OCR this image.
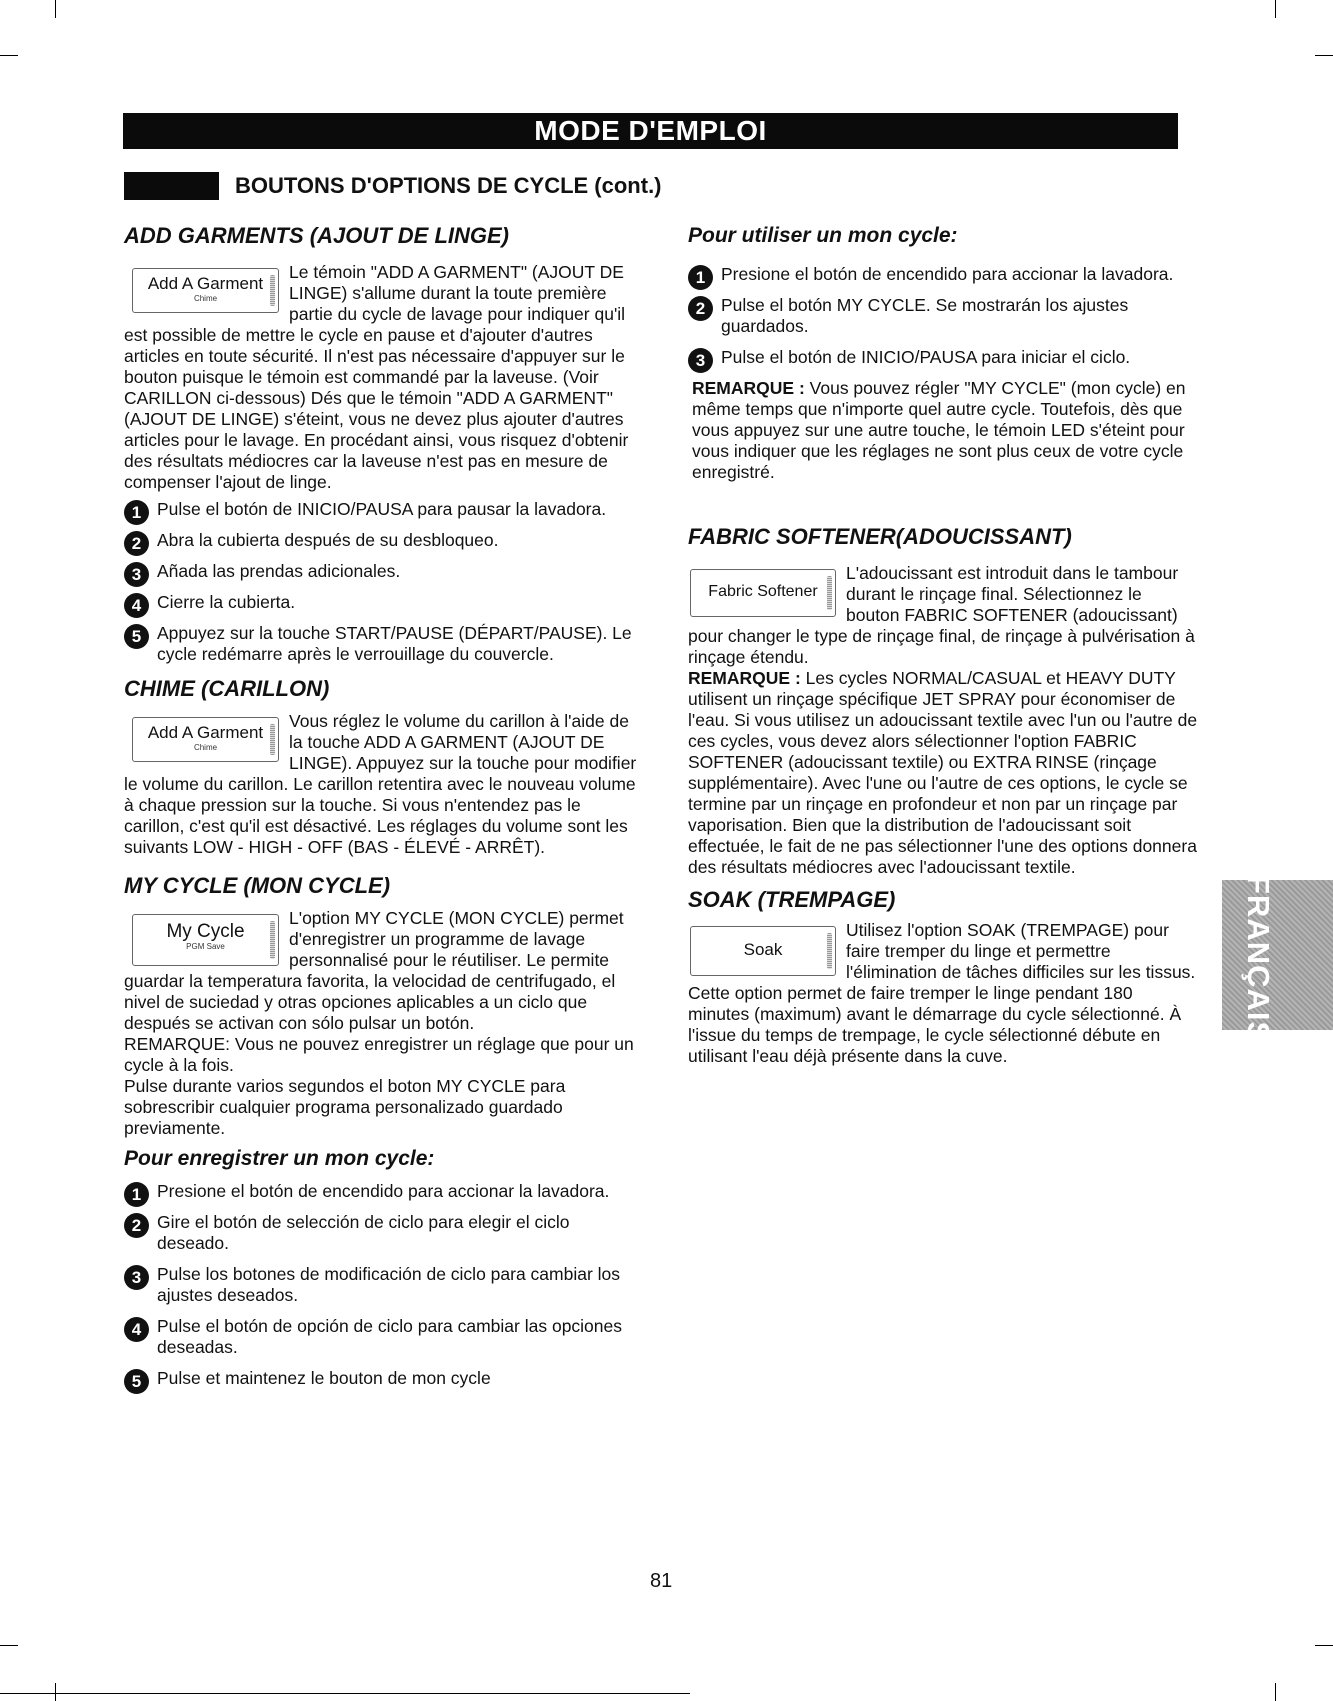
MODE D'EMPLOI
BOUTONS D'OPTIONS DE CYCLE (cont.)
ADD GARMENTS (AJOUT DE LINGE)
Add A Garment
Chime

Le témoin "ADD A GARMENT" (AJOUT DE LINGE) s'allume durant la toute première partie du cycle de lavage pour indiquer qu'il est possible de mettre le cycle en pause et d'ajouter d'autres articles en toute sécurité. Il n'est pas nécessaire d'appuyer sur le bouton puisque le témoin est commandé par la laveuse. (Voir CARILLON ci-dessous) Dés que le témoin "ADD A GARMENT" (AJOUT DE LINGE) s'éteint, vous ne devez plus ajouter d'autres articles pour le lavage. En procédant ainsi, vous risquez d'obtenir des résultats médiocres car la laveuse n'est pas en mesure de compenser l'ajout de linge.

1 Pulse el botón de INICIO/PAUSA para pausar la lavadora.
2 Abra la cubierta después de su desbloqueo.
3 Añada las prendas adicionales.
4 Cierre la cubierta.
5 Appuyez sur la touche START/PAUSE (DÉPART/PAUSE). Le cycle redémarre après le verrouillage du couvercle.
CHIME (CARILLON)
Add A Garment
Chime

Vous réglez le volume du carillon à l'aide de la touche ADD A GARMENT (AJOUT DE LINGE). Appuyez sur la touche pour modifier le volume du carillon. Le carillon retentira avec le nouveau volume à chaque pression sur la touche. Si vous n'entendez pas le carillon, c'est qu'il est désactivé. Les réglages du volume sont les suivants LOW - HIGH - OFF (BAS - ÉLEVÉ - ARRÊT).

MY CYCLE (MON CYCLE)
My Cycle
PGM Save

L'option MY CYCLE (MON CYCLE) permet d'enregistrer un programme de lavage personnalisé pour le réutiliser. Le permite guardar la temperatura favorita, la velocidad de centrifugado, el nivel de suciedad y otras opciones aplicables a un ciclo que después se activan con sólo pulsar un botón.

REMARQUE: Vous ne pouvez enregistrer un réglage que pour un cycle à la fois.

Pulse durante varios segundos el boton MY CYCLE para sobrescribir cualquier programa personalizado guardado previamente.

Pour enregistrer un mon cycle:
1 Presione el botón de encendido para accionar la lavadora.
2 Gire el botón de selección de ciclo para elegir el ciclo deseado.
3 Pulse los botones de modificación de ciclo para cambiar los ajustes deseados.
4 Pulse el botón de opción de ciclo para cambiar las opciones deseadas.
5 Pulse et maintenez le bouton de mon cycle
Pour utiliser un mon cycle:
1 Presione el botón de encendido para accionar la lavadora.
2 Pulse el botón MY CYCLE. Se mostrarán los ajustes guardados.
3 Pulse el botón de INICIO/PAUSA para iniciar el ciclo.

REMARQUE : Vous pouvez régler "MY CYCLE" (mon cycle) en même temps que n'importe quel autre cycle. Toutefois, dès que vous appuyez sur une autre touche, le témoin LED s'éteint pour vous indiquer que les réglages ne sont plus ceux de votre cycle enregistré.

FABRIC SOFTENER(ADOUCISSANT)
Fabric Softener

L'adoucissant est introduit dans le tambour durant le rinçage final. Sélectionnez le bouton FABRIC SOFTENER (adoucissant) pour changer le type de rinçage final, de rinçage à pulvérisation à rinçage étendu.

REMARQUE : Les cycles NORMAL/CASUAL et HEAVY DUTY utilisent un rinçage spécifique JET SPRAY pour économiser de l'eau. Si vous utilisez un adoucissant textile avec l'un ou l'autre de ces cycles, vous devez alors sélectionner l'option FABRIC SOFTENER (adoucissant textile) ou EXTRA RINSE (rinçage supplémentaire). Avec l'une ou l'autre de ces options, le cycle se termine par un rinçage en profondeur et non par un rinçage par vaporisation. Bien que la distribution de l'adoucissant soit effectuée, le fait de ne pas sélectionner l'une des options donnera des résultats médiocres avec l'adoucissant textile.

SOAK (TREMPAGE)
Soak

Utilisez l'option SOAK (TREMPAGE) pour faire tremper du linge et permettre l'élimination de tâches difficiles sur les tissus. Cette option permet de faire tremper le linge pendant 180 minutes (maximum) avant le démarrage du cycle sélectionné. À l'issue du temps de trempage, le cycle sélectionné débute en utilisant l'eau déjà présente dans la cuve.

FRANÇAIS
81
